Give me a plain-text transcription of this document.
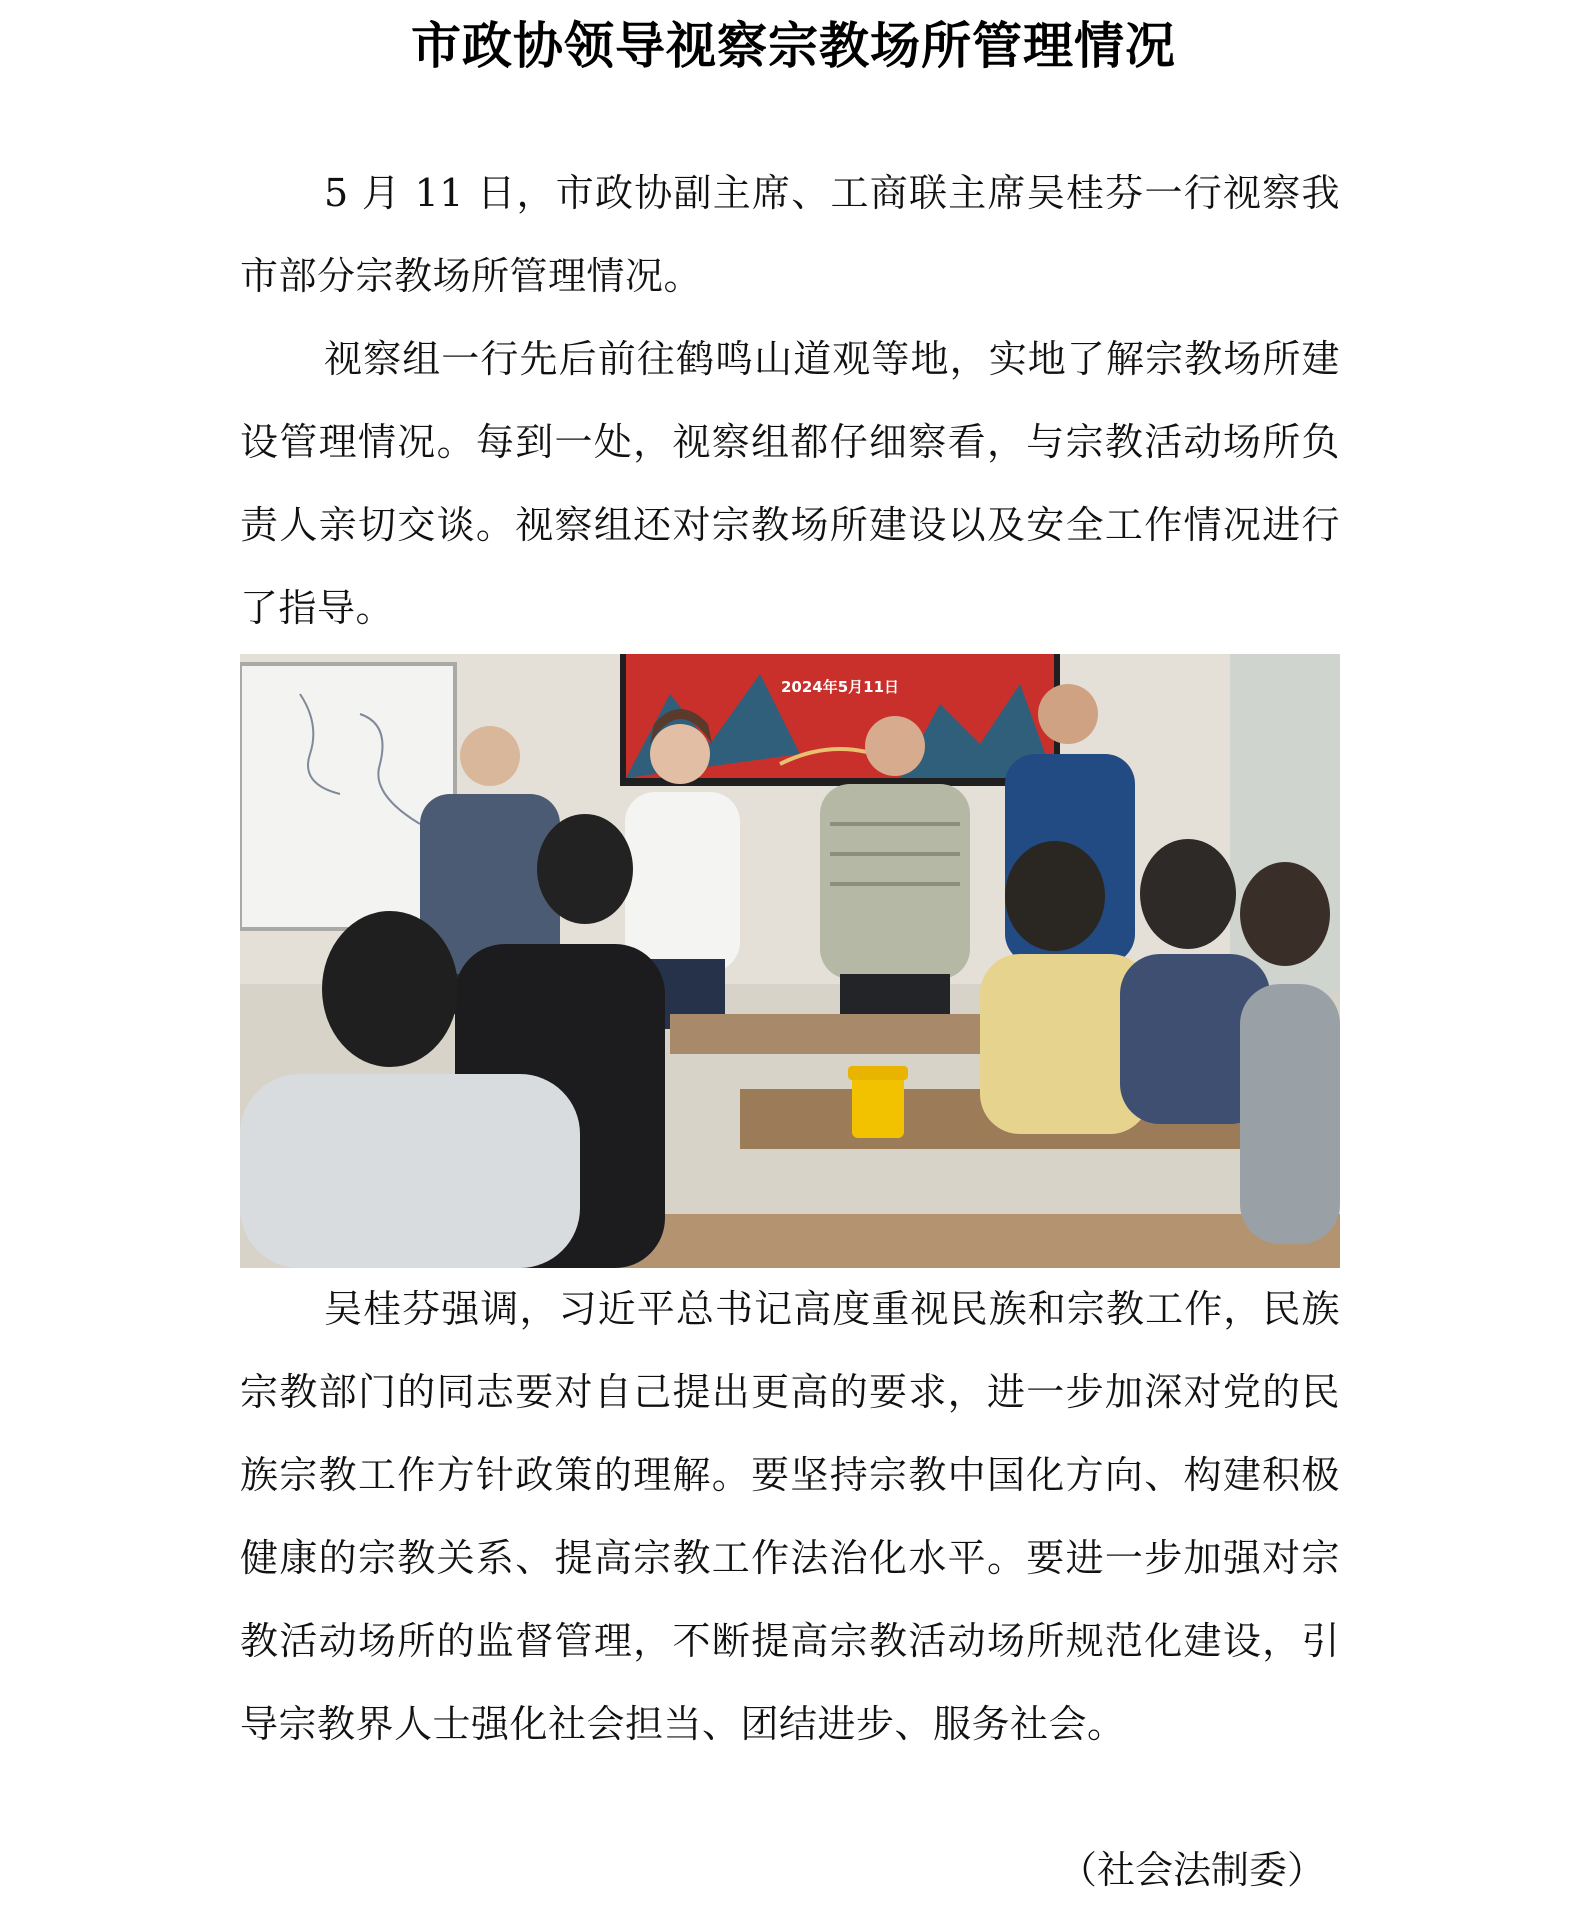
市政协领导视察宗教场所管理情况

5 月 11 日，市政协副主席、工商联主席吴桂芬一行视察我市部分宗教场所管理情况。

视察组一行先后前往鹤鸣山道观等地，实地了解宗教场所建设管理情况。每到一处，视察组都仔细察看，与宗教活动场所负责人亲切交谈。视察组还对宗教场所建设以及安全工作情况进行了指导。

2024年5月11日

吴桂芬强调，习近平总书记高度重视民族和宗教工作，民族宗教部门的同志要对自己提出更高的要求，进一步加深对党的民族宗教工作方针政策的理解。要坚持宗教中国化方向、构建积极健康的宗教关系、提高宗教工作法治化水平。要进一步加强对宗教活动场所的监督管理，不断提高宗教活动场所规范化建设，引导宗教界人士强化社会担当、团结进步、服务社会。

（社会法制委）
